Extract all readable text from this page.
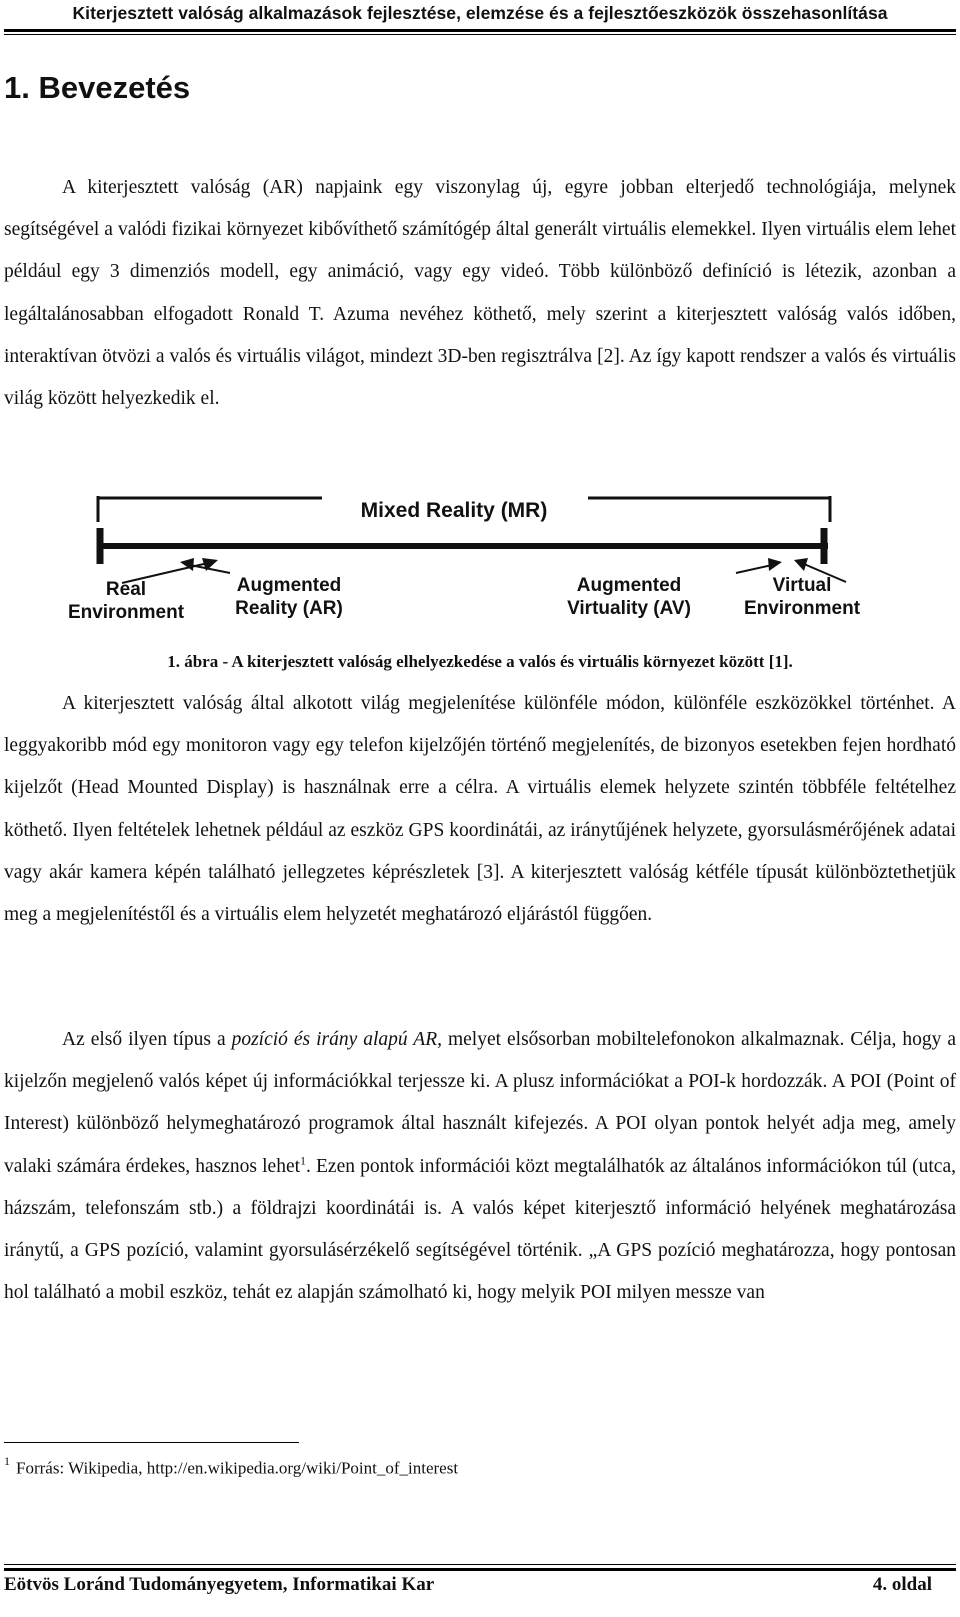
Kiterjesztett valóság alkalmazások fejlesztése, elemzése és a fejlesztőeszközök összehasonlítása
1. Bevezetés

A kiterjesztett valóság (AR) napjaink egy viszonylag új, egyre jobban elterjedő technológiája, melynek segítségével a valódi fizikai környezet kibővíthető számítógép által generált virtuális elemekkel. Ilyen virtuális elem lehet például egy 3 dimenziós modell, egy animáció, vagy egy videó. Több különböző definíció is létezik, azonban a legáltalánosabban elfogadott Ronald T. Azuma nevéhez köthető, mely szerint a kiterjesztett valóság valós időben, interaktívan ötvözi a valós és virtuális világot, mindezt 3D-ben regisztrálva [2]. Az így kapott rendszer a valós és virtuális világ között helyezkedik el.

Mixed Reality (MR)
Real
Environment
Augmented
Reality (AR)
Augmented
Virtuality (AV)
Virtual
Environment
1. ábra - A kiterjesztett valóság elhelyezkedése a valós és virtuális környezet között [1].

A kiterjesztett valóság által alkotott világ megjelenítése különféle módon, különféle eszközökkel történhet. A leggyakoribb mód egy monitoron vagy egy telefon kijelzőjén történő megjelenítés, de bizonyos esetekben fejen hordható kijelzőt (Head Mounted Display) is használnak erre a célra. A virtuális elemek helyzete szintén többféle feltételhez köthető. Ilyen feltételek lehetnek például az eszköz GPS koordinátái, az iránytűjének helyzete, gyorsulásmérőjének adatai vagy akár kamera képén található jellegzetes képrészletek [3]. A kiterjesztett valóság kétféle típusát különböztethetjük meg a megjelenítéstől és a virtuális elem helyzetét meghatározó eljárástól függően.

Az első ilyen típus a pozíció és irány alapú AR, melyet elsősorban mobiltelefonokon alkalmaznak. Célja, hogy a kijelzőn megjelenő valós képet új információkkal terjessze ki. A plusz információkat a POI-k hordozzák. A POI (Point of Interest) különböző helymeghatározó programok által használt kifejezés. A POI olyan pontok helyét adja meg, amely valaki számára érdekes, hasznos lehet$^1$. Ezen pontok információi közt megtalálhatók az általános információkon túl (utca, házszám, telefonszám stb.) a földrajzi koordinátái is. A valós képet kiterjesztő információ helyének meghatározása iránytű, a GPS pozíció, valamint gyorsulásérzékelő segítségével történik. „A GPS pozíció meghatározza, hogy pontosan hol található a mobil eszköz, tehát ez alapján számolható ki, hogy melyik POI milyen messze van

$^1$ Forrás: Wikipedia, http://en.wikipedia.org/wiki/Point_of_interest
Eötvös Loránd Tudományegyetem, Informatikai Kar	4. oldal
